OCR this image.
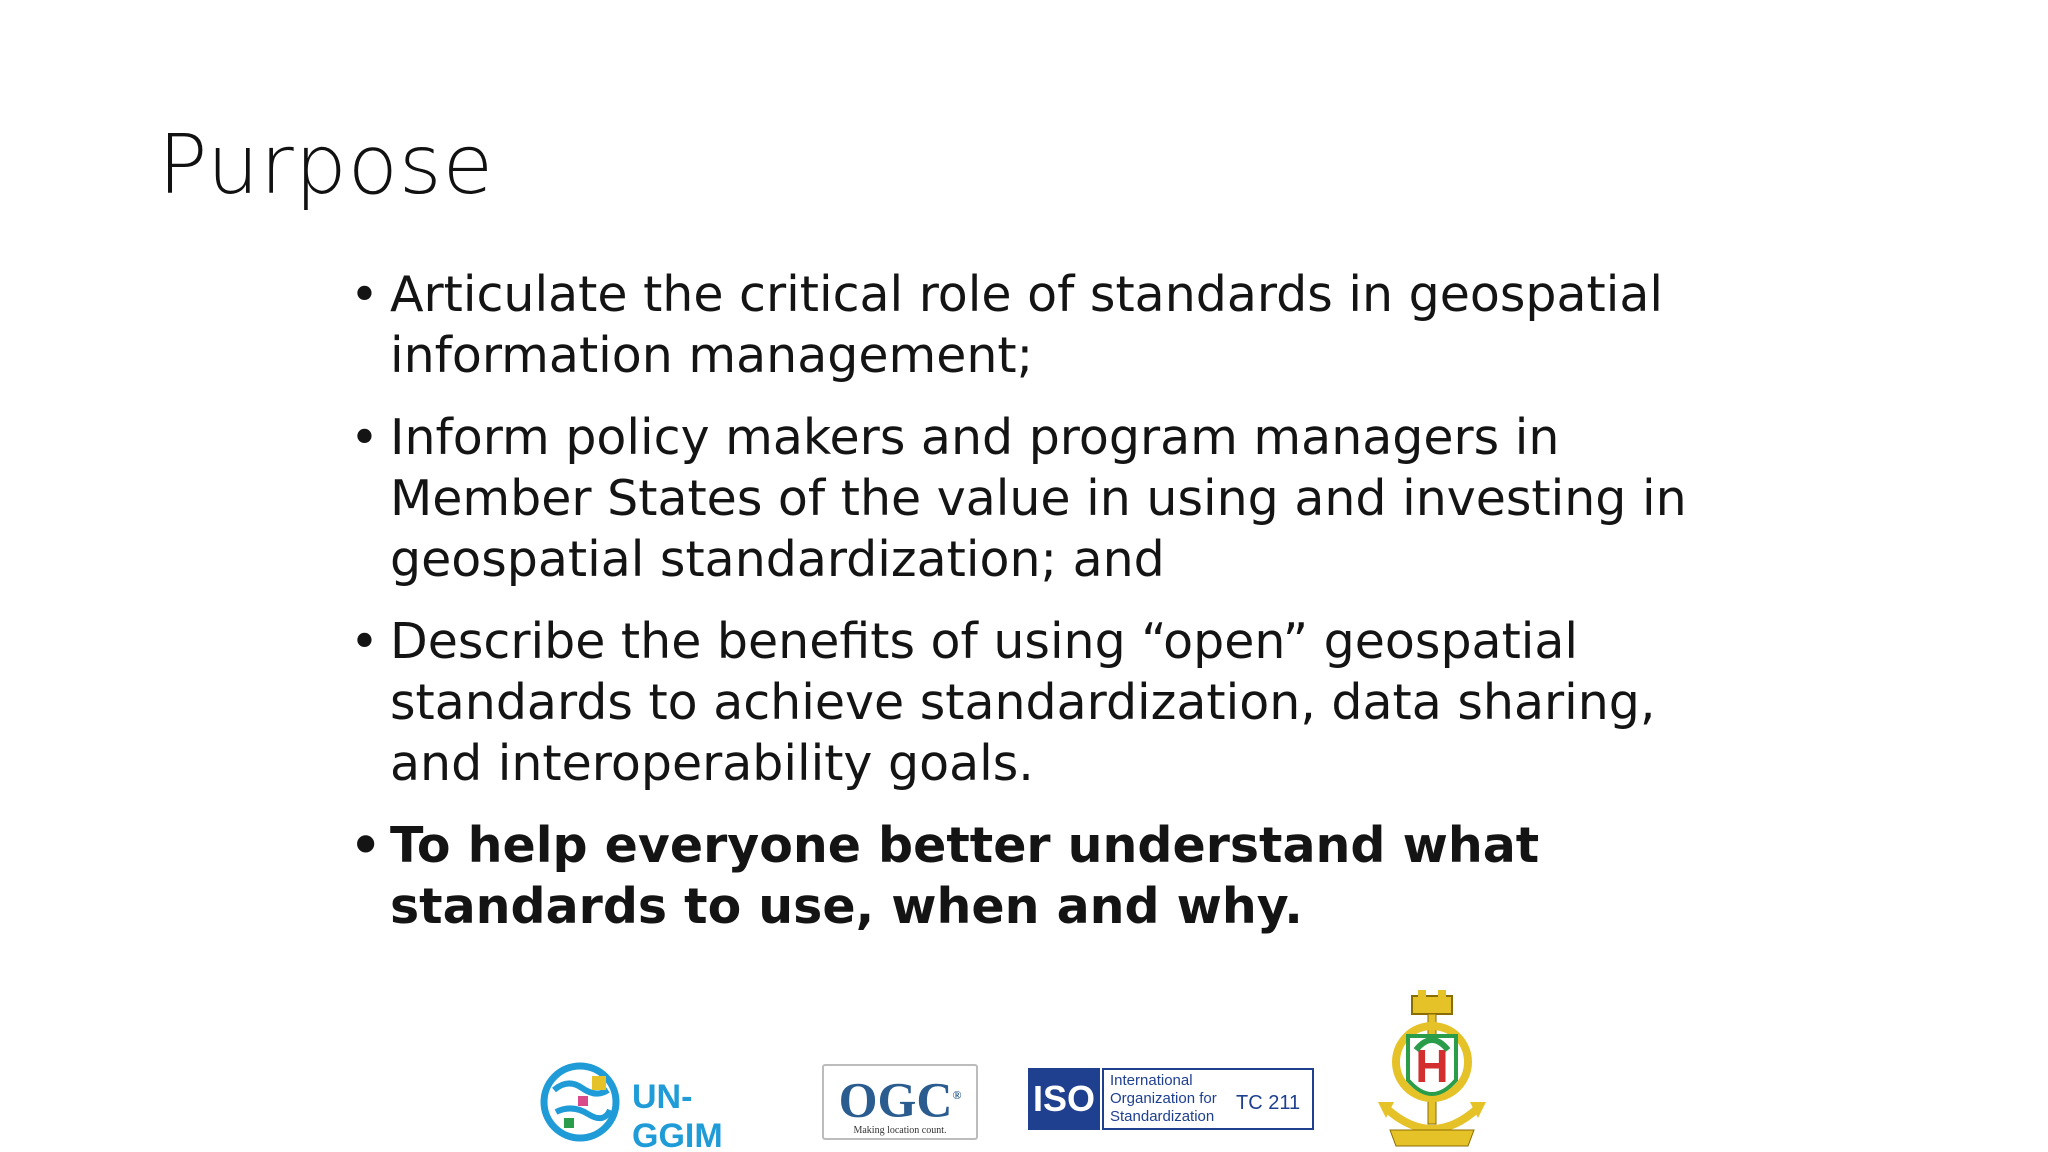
Purpose
• Articulate the critical role of standards in geospatial information management;
• Inform policy makers and program managers in Member States of the value in using and investing in geospatial standardization; and
• Describe the benefits of using “open” geospatial standards to achieve standardization, data sharing, and interoperability goals.
• To help everyone better understand what standards to use, when and why.
UN-GGIM
OGC®
Making location count.
ISO	International
Organization for
Standardization
TC 211
H
